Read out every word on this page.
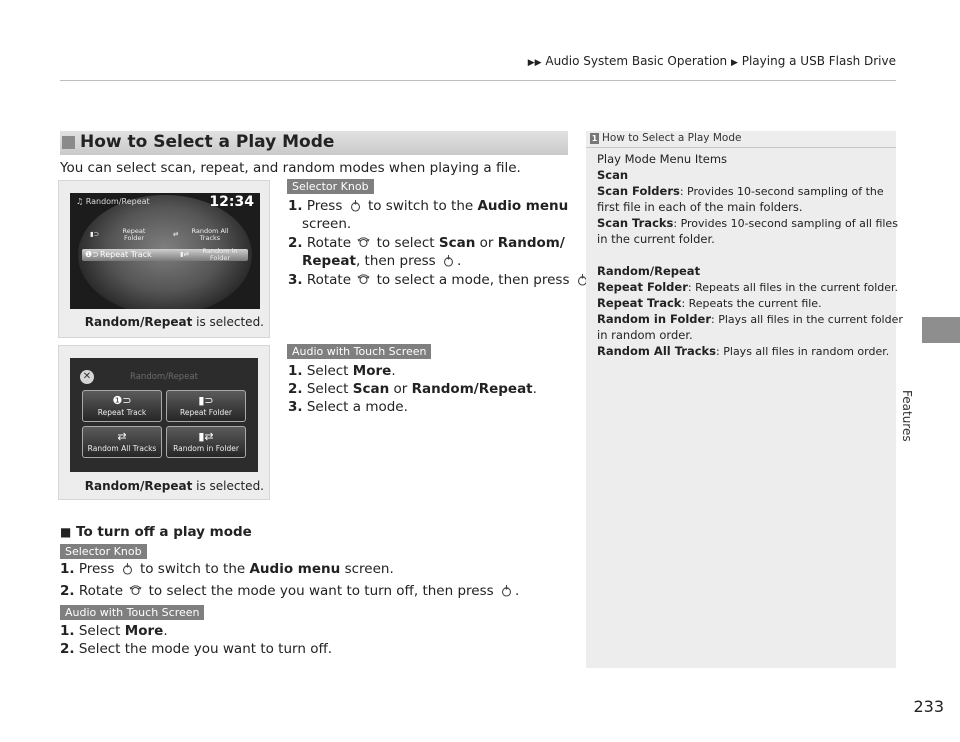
▶▶ Audio System Basic Operation ▶ Playing a USB Flash Drive
Features
233
How to Select a Play Mode
You can select scan, repeat, and random modes when playing a file.
♫ Random/Repeat	12:34
▮⊃	Repeat
Folder	⇄ Random All
Tracks
❶⊃ Repeat Track	▮⇄	Random in
Folder
Random/Repeat is selected.
Selector Knob
1. Press to switch to the Audio menu
screen.
2. Rotate to select Scan or Random/
Repeat, then press .
3. Rotate to select a mode, then press
✕	Random/Repeat
❶⊃
Repeat Track
▮⊃
Repeat Folder
⇄
Random All Tracks
▮⇄
Random in Folder
Random/Repeat is selected.
Audio with Touch Screen
1. Select More.
2. Select Scan or Random/Repeat.
3. Select a mode.
■ To turn off a play mode
Selector Knob
1. Press to switch to the Audio menu screen.
2. Rotate to select the mode you want to turn off, then press .
Audio with Touch Screen
1. Select More.
2. Select the mode you want to turn off.
1 How to Select a Play Mode
Play Mode Menu Items
Scan
Scan Folders: Provides 10-second sampling of the
first file in each of the main folders.
Scan Tracks: Provides 10-second sampling of all files
in the current folder.
Random/Repeat
Repeat Folder: Repeats all files in the current folder.
Repeat Track: Repeats the current file.
Random in Folder: Plays all files in the current folder
in random order.
Random All Tracks: Plays all files in random order.
